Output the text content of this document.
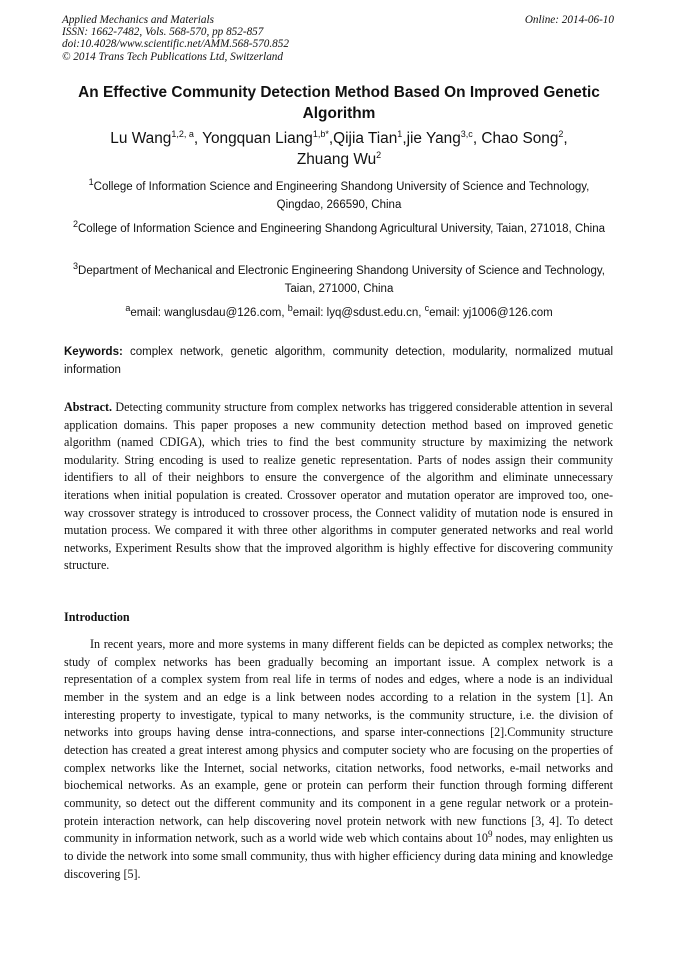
Applied Mechanics and Materials
ISSN: 1662-7482, Vols. 568-570, pp 852-857
doi:10.4028/www.scientific.net/AMM.568-570.852
© 2014 Trans Tech Publications Ltd, Switzerland
Online: 2014-06-10
An Effective Community Detection Method Based On Improved Genetic Algorithm
Lu Wang$^{1,2, a}$, Yongquan Liang$^{1,b*}$,Qijia Tian$^1$,jie Yang$^{3,c}$, Chao Song$^2$,
Zhuang Wu$^2$
$^1$College of Information Science and Engineering Shandong University of Science and Technology, Qingdao, 266590, China
$^2$College of Information Science and Engineering Shandong Agricultural University, Taian, 271018, China
$^3$Department of Mechanical and Electronic Engineering Shandong University of Science and Technology, Taian, 271000, China
$^a$email: wanglusdau@126.com, $^b$email: lyq@sdust.edu.cn, $^c$email: yj1006@126.com
Keywords: complex network, genetic algorithm, community detection, modularity, normalized mutual information
Abstract. Detecting community structure from complex networks has triggered considerable attention in several application domains. This paper proposes a new community detection method based on improved genetic algorithm (named CDIGA), which tries to find the best community structure by maximizing the network modularity. String encoding is used to realize genetic representation. Parts of nodes assign their community identifiers to all of their neighbors to ensure the convergence of the algorithm and eliminate unnecessary iterations when initial population is created. Crossover operator and mutation operator are improved too, one-way crossover strategy is introduced to crossover process, the Connect validity of mutation node is ensured in mutation process. We compared it with three other algorithms in computer generated networks and real world networks, Experiment Results show that the improved algorithm is highly effective for discovering community structure.
Introduction
In recent years, more and more systems in many different fields can be depicted as complex networks; the study of complex networks has been gradually becoming an important issue. A complex network is a representation of a complex system from real life in terms of nodes and edges, where a node is an individual member in the system and an edge is a link between nodes according to a relation in the system [1]. An interesting property to investigate, typical to many networks, is the community structure, i.e. the division of networks into groups having dense intra-connections, and sparse inter-connections [2].Community structure detection has created a great interest among physics and computer society who are focusing on the properties of complex networks like the Internet, social networks, citation networks, food networks, e-mail networks and biochemical networks. As an example, gene or protein can perform their function through forming different community, so detect out the different community and its component in a gene regular network or a protein-protein interaction network, can help discovering novel protein network with new functions [3, 4]. To detect community in information network, such as a world wide web which contains about $10^9$ nodes, may enlighten us to divide the network into some small community, thus with higher efficiency during data mining and knowledge discovering [5].
